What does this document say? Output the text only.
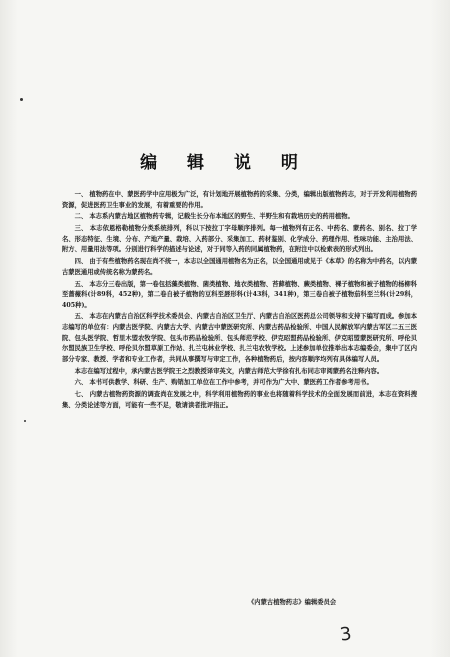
编 辑 说 明

一、 植物药在中、蒙医药学中应用极为广泛，有计划地开展植物药的采集、分类，编辑出版植物药志，对于开发利用植物药资源，促进医药卫生事业的发展，有着重要的作用。

二、 本志系内蒙古地区植物药专辑，记载生长分布本地区的野生、半野生和有栽培历史的药用植物。

三、 本志依恩格勒植物分类系统排列，科以下按拉丁字母顺序排列。每一植物列有正名、中药名、蒙药名、别名、拉丁学名、形态特征、生境、分布、产地产量、栽培、入药部分、采集加工、药材鉴别、化学成分、药理作用、性味功能、主治用法、附方、用量用法等项。分别进行科学的描述与论述，对于同等入药的同属植物药，在附注中以检索表的形式列出。

四、 由于有些植物药名现在尚不统一，本志以全国通用植物名为正名，以全国通用或见于《本草》的名称为中药名，以内蒙古蒙医通用或传统名称为蒙药名。

五、 本志分三卷出版，第一卷包括藻类植物、菌类植物、地衣类植物、苔藓植物、蕨类植物、裸子植物和被子植物的杨柳科至蔷薇科(计89科，452种)，第二卷自被子植物的豆科至唇形科(计43科，341种)，第三卷自被子植物茄科至兰科(计29科，405种)。

五、 本志在内蒙古自治区科学技术委员会、内蒙古自治区卫生厅、内蒙古自治区医药总公司领导和支持下编写而成。参加本志编写的单位有：内蒙古医学院、内蒙古大学、内蒙古中蒙医研究所、内蒙古药品检验所、中国人民解放军内蒙古军区二五三医院、包头医学院、哲里木盟农牧学院、包头市药品检验所、包头师范学校、伊克昭盟药品检验所、伊克昭盟蒙医研究所、呼伦贝尔盟民族卫生学校、呼伦贝尔盟草原工作站、扎兰屯林业学校、扎兰屯农牧学校。上述参加单位推举出本志编委会，集中了区内部分专家、教授、学者和专业工作者，共同从事撰写与审定工作，各种植物药后，按内容顺序均列有具体编写人员。

本志在编写过程中，承内蒙古医学院王之烈教授译审英文，内蒙古师范大学徐有扎布同志审阅蒙药名注释内容。

六、 本书可供教学、科研、生产、购销加工单位在工作中参考，并可作为广大中、蒙医药工作者参考用书。

七、 内蒙古植物药资源的调查尚在发展之中，科学利用植物药的事业也将随着科学技术的全面发展而前进，本志在资料搜集、分类论述等方面，可能有一些不足，敬请读者批评指正。

《内蒙古植物药志》编辑委员会
3
